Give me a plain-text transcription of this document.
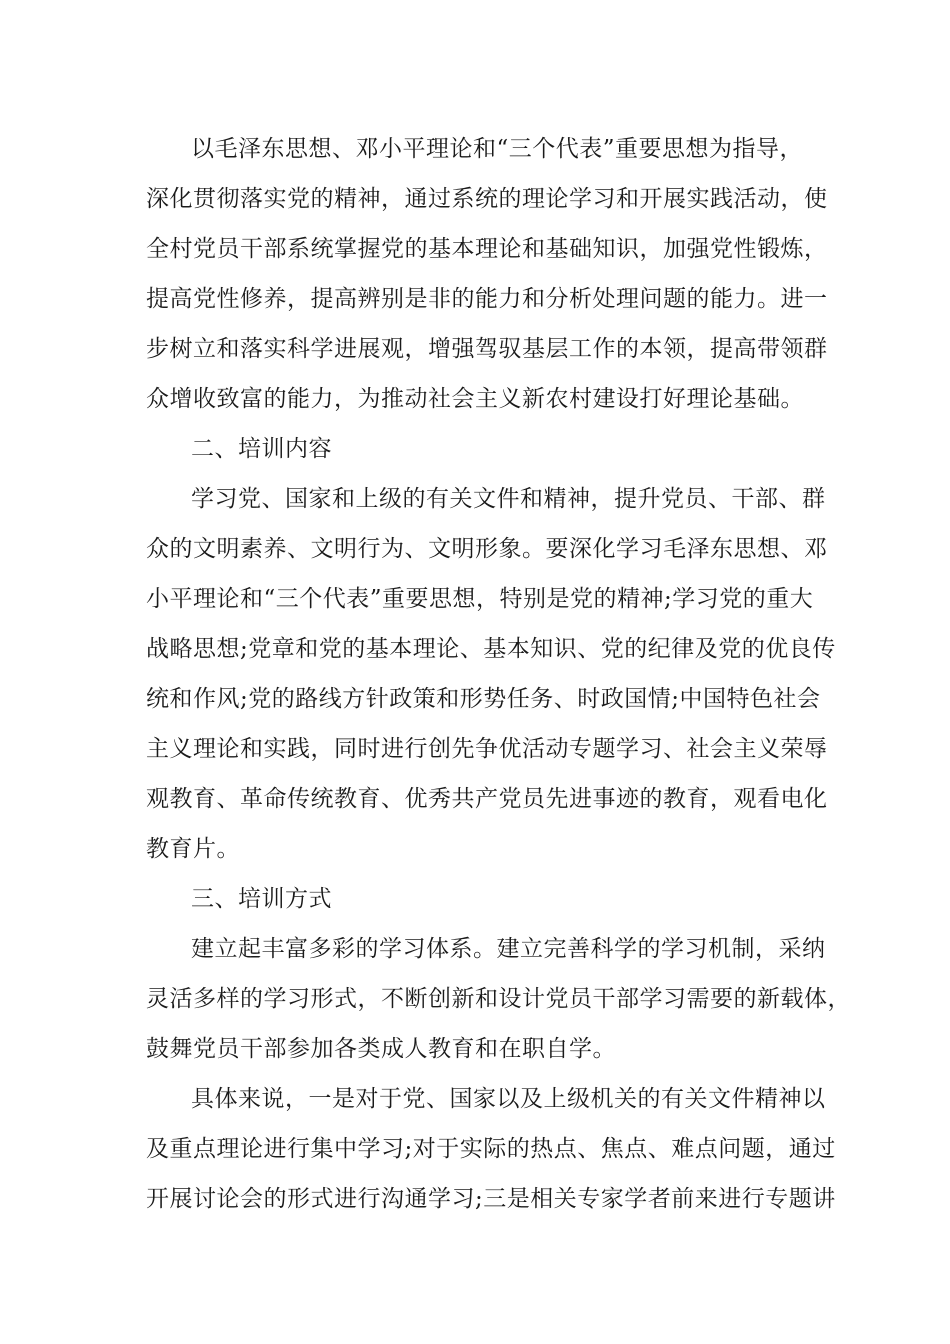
以毛泽东思想、邓小平理论和“三个代表”重要思想为指导，
深化贯彻落实党的精神，通过系统的理论学习和开展实践活动，使
全村党员干部系统掌握党的基本理论和基础知识，加强党性锻炼，
提高党性修养，提高辨别是非的能力和分析处理问题的能力。进一
步树立和落实科学进展观，增强驾驭基层工作的本领，提高带领群
众增收致富的能力，为推动社会主义新农村建设打好理论基础。
二、培训内容
学习党、国家和上级的有关文件和精神，提升党员、干部、群
众的文明素养、文明行为、文明形象。要深化学习毛泽东思想、邓
小平理论和“三个代表”重要思想，特别是党的精神;学习党的重大
战略思想;党章和党的基本理论、基本知识、党的纪律及党的优良传
统和作风;党的路线方针政策和形势任务、时政国情;中国特色社会
主义理论和实践，同时进行创先争优活动专题学习、社会主义荣辱
观教育、革命传统教育、优秀共产党员先进事迹的教育，观看电化
教育片。
三、培训方式
建立起丰富多彩的学习体系。建立完善科学的学习机制，采纳
灵活多样的学习形式，不断创新和设计党员干部学习需要的新载体，
鼓舞党员干部参加各类成人教育和在职自学。
具体来说，一是对于党、国家以及上级机关的有关文件精神以
及重点理论进行集中学习;对于实际的热点、焦点、难点问题，通过
开展讨论会的形式进行沟通学习;三是相关专家学者前来进行专题讲
